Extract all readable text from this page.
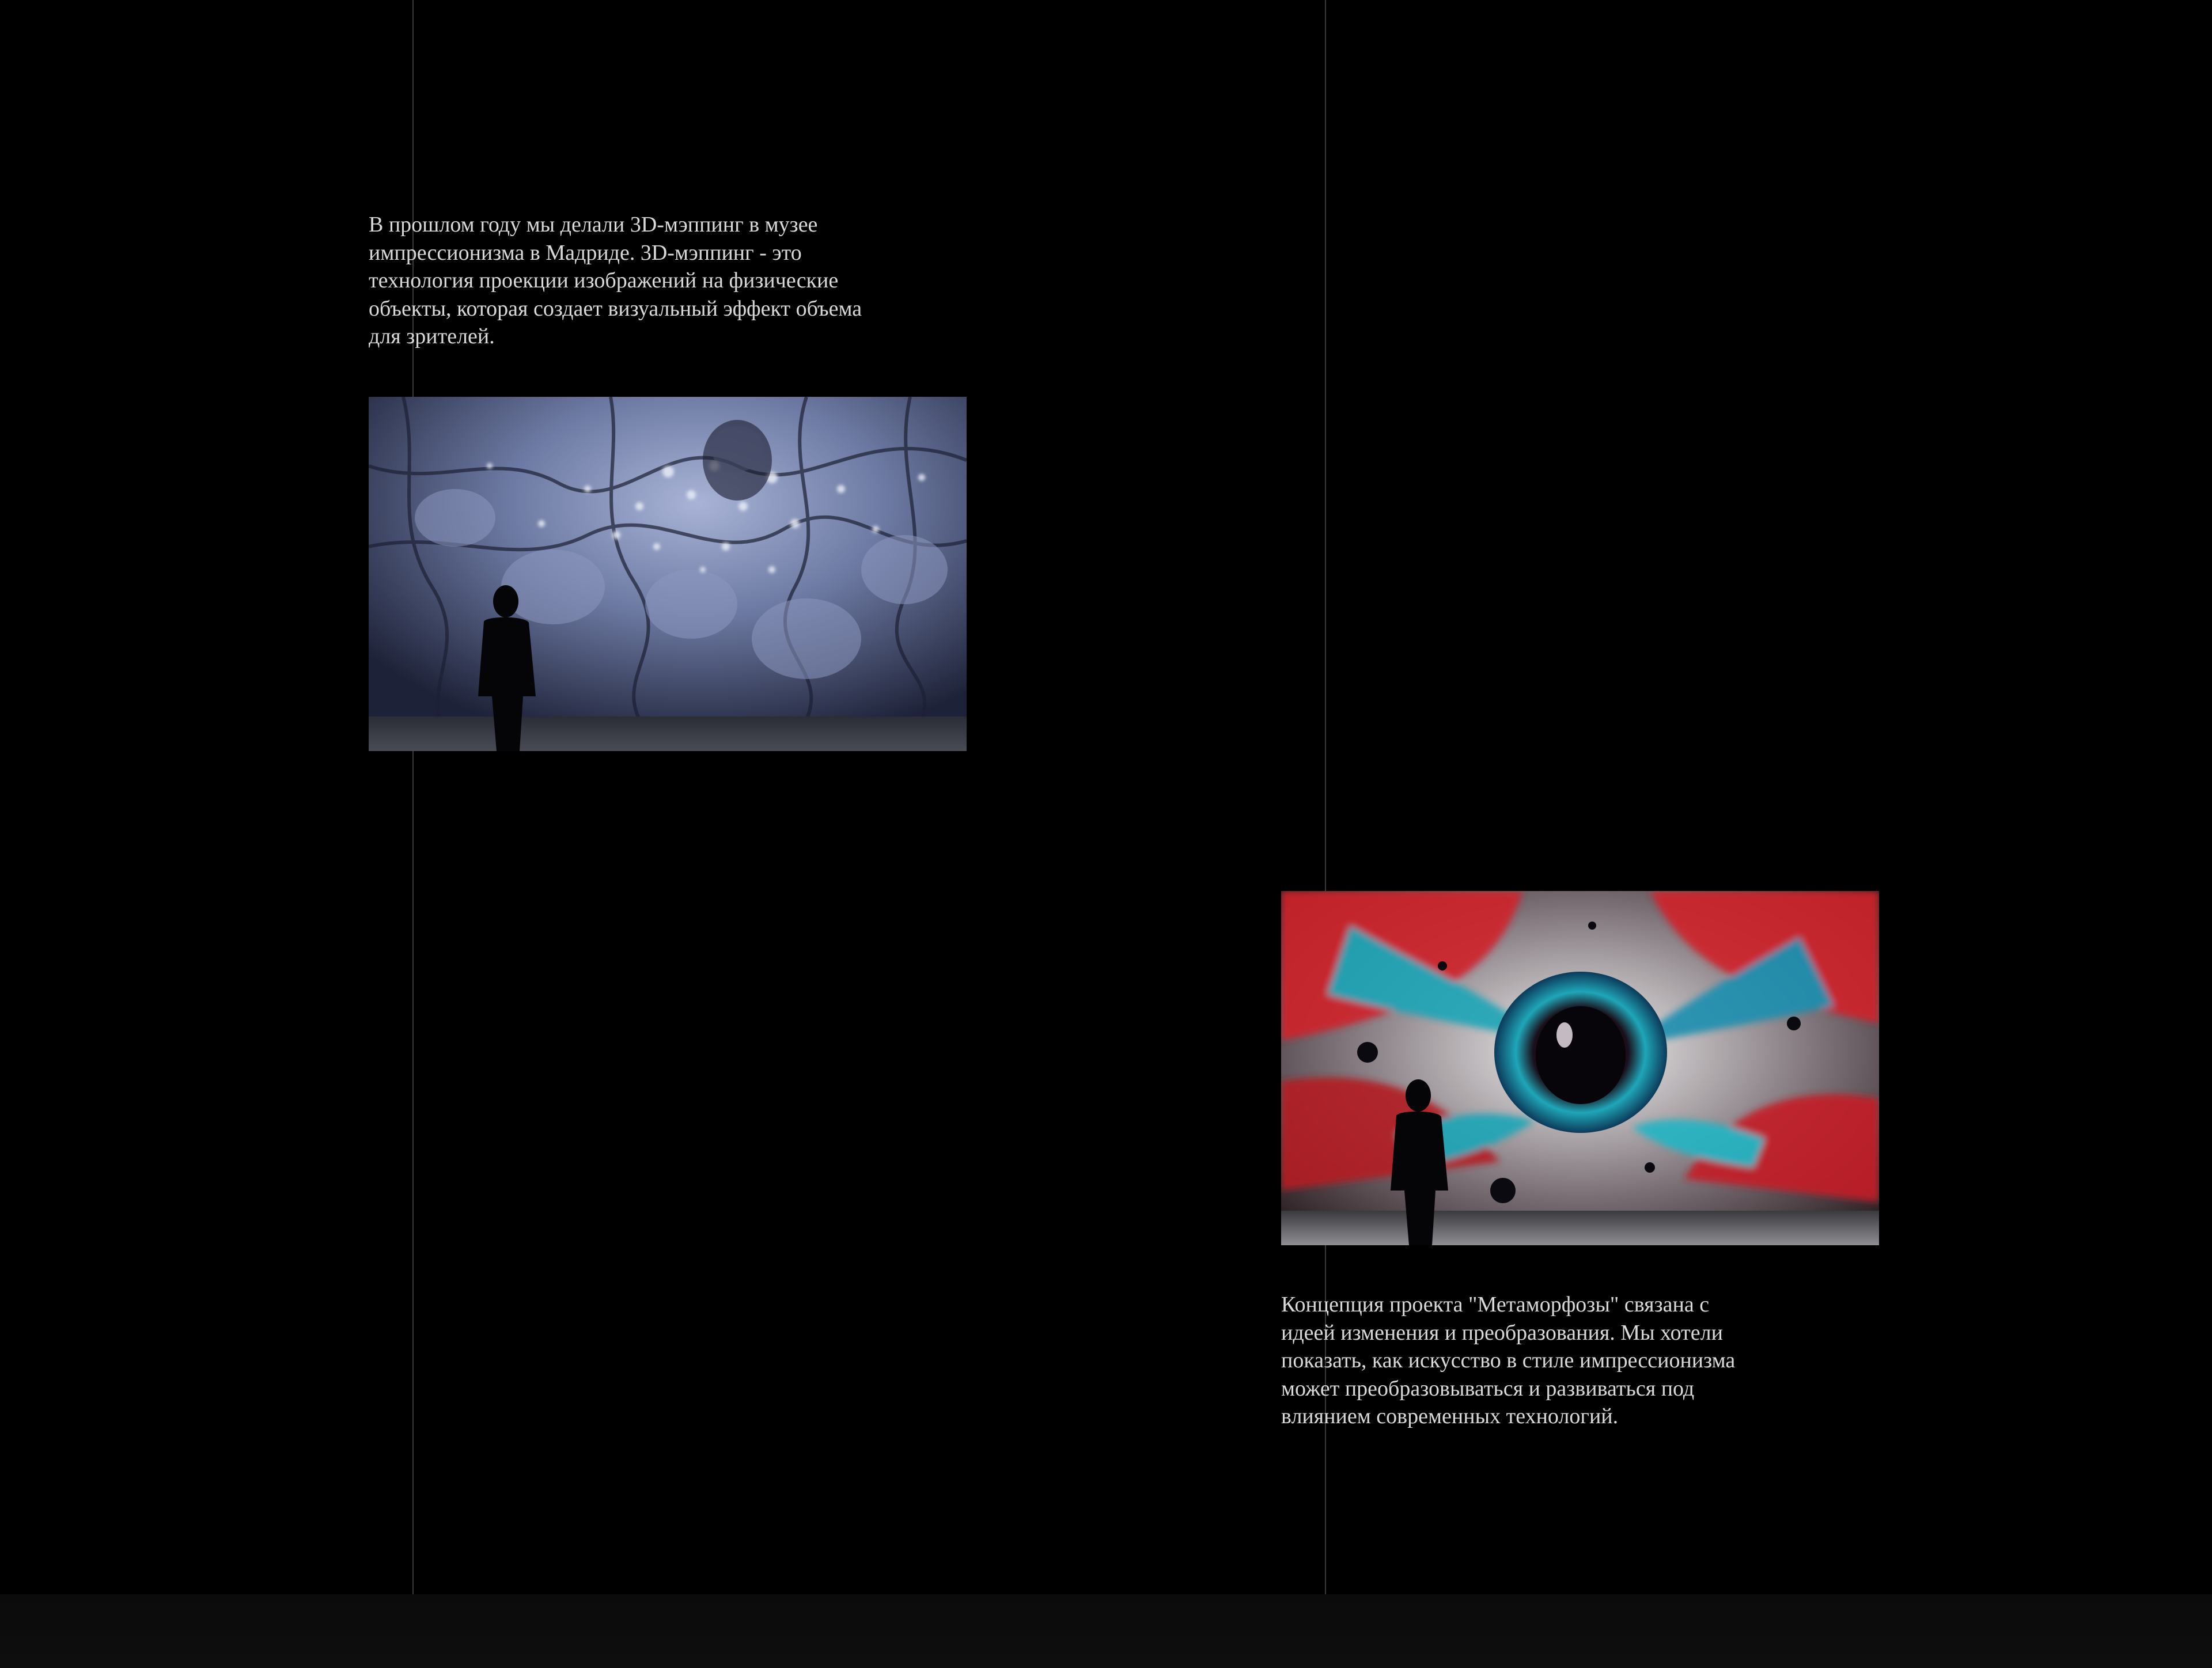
В прошлом году мы делали 3D-мэппинг в музее
импрессионизма в Мадриде. 3D-мэппинг - это
технология проекции изображений на физические
объекты, которая создает визуальный эффект объема
для зрителей.

Концепция проекта "Метаморфозы" связана с
идеей изменения и преобразования. Мы хотели
показать, как искусство в стиле импрессионизма
может преобразовываться и развиваться под
влиянием современных технологий.
